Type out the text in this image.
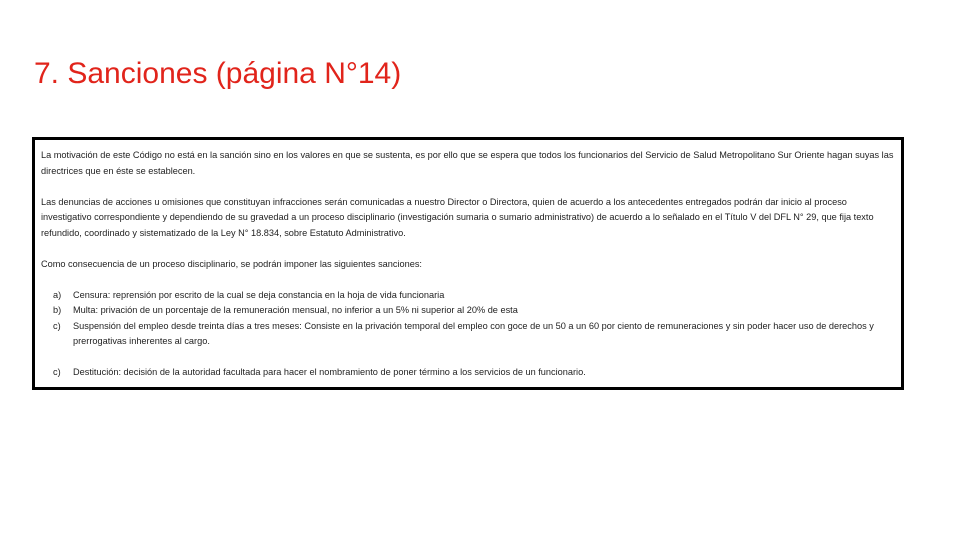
7. Sanciones (página N°14)

La motivación de este Código no está en la sanción sino en los valores en que se sustenta, es por ello que se espera que todos los funcionarios del Servicio de Salud Metropolitano Sur Oriente hagan suyas las directrices que en éste se establecen.

Las denuncias de acciones u omisiones que constituyan infracciones serán comunicadas a nuestro Director o Directora, quien de acuerdo a los antecedentes entregados podrán dar inicio al proceso investigativo correspondiente y dependiendo de su gravedad a un proceso disciplinario (investigación sumaria o sumario administrativo) de acuerdo a lo señalado en el Título V del DFL N° 29, que fija texto refundido, coordinado y sistematizado de la Ley N° 18.834, sobre Estatuto Administrativo.

Como consecuencia de un proceso disciplinario, se podrán imponer las siguientes sanciones:

a)	Censura: reprensión por escrito de la cual se deja constancia en la hoja de vida funcionaria
b)	Multa: privación de un porcentaje de la remuneración mensual, no inferior a un 5% ni superior al 20% de esta
c)	Suspensión del empleo desde treinta días a tres meses: Consiste en la privación temporal del empleo con goce de un 50 a un 60 por ciento de remuneraciones y sin poder hacer uso de derechos y prerrogativas inherentes al cargo.
c)	Destitución: decisión de la autoridad facultada para hacer el nombramiento de poner término a los servicios de un funcionario.
